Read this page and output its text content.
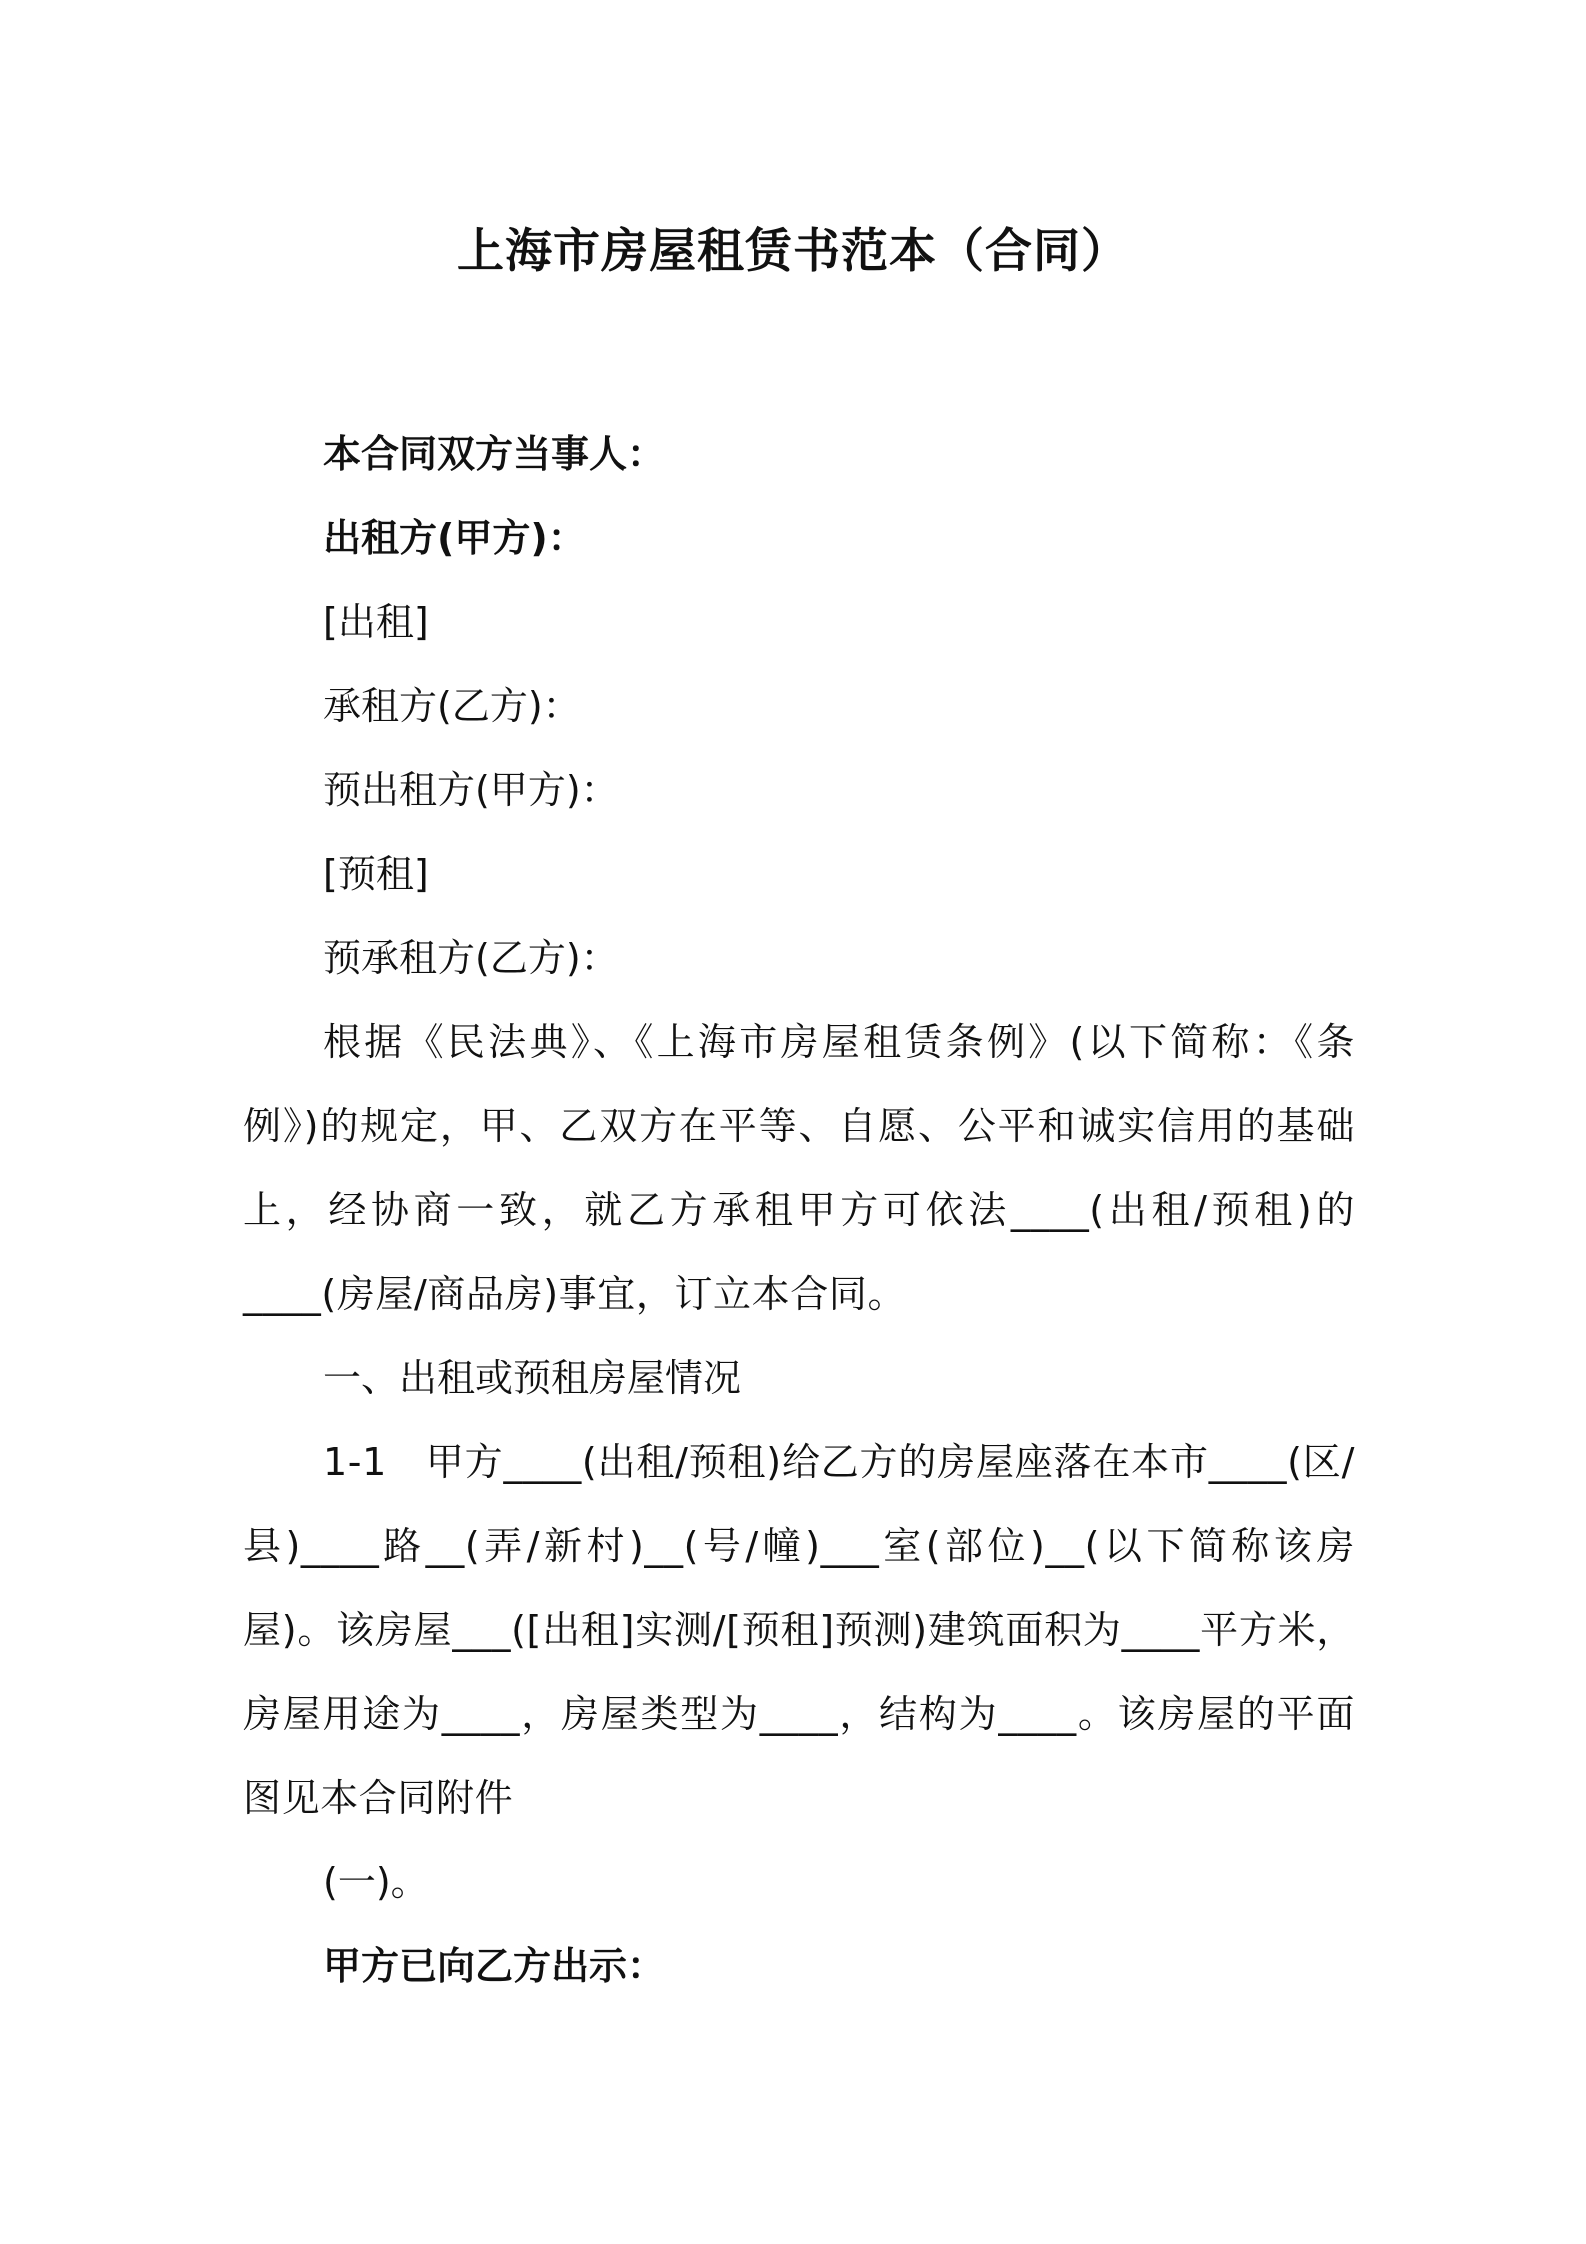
上海市房屋租赁书范本（合同）

本合同双方当事人：

出租方(甲方)：

[出租]

承租方(乙方)：

预出租方(甲方)：

[预租]

预承租方(乙方)：

根据《民法典》、《上海市房屋租赁条例》(以下简称：《条例》)的规定，甲、乙双方在平等、自愿、公平和诚实信用的基础上，经协商一致，就乙方承租甲方可依法____(出租/预租)的____(房屋/商品房)事宜，订立本合同。

一、出租或预租房屋情况

1-1　甲方____(出租/预租)给乙方的房屋座落在本市____(区/县)____路__(弄/新村)__(号/幢)___室(部位)__(以下简称该房屋)。该房屋___([出租]实测/[预租]预测)建筑面积为____平方米，房屋用途为____，房屋类型为____，结构为____。该房屋的平面图见本合同附件

(一)。

甲方已向乙方出示：
